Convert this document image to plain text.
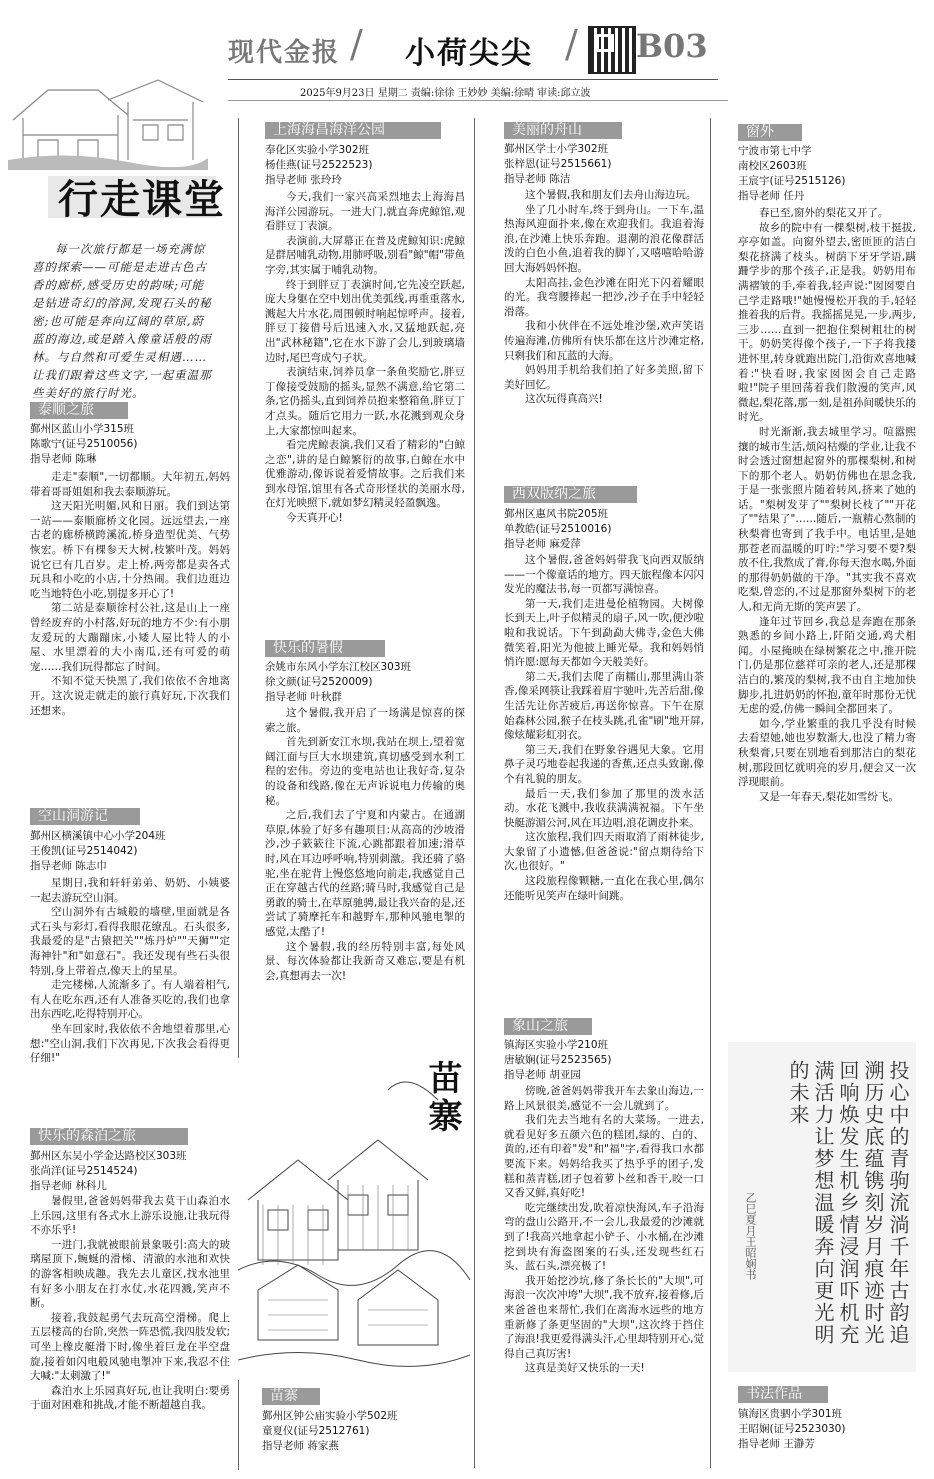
现代金报 / 小荷尖尖 / B03
2025年9月23日 星期二 责编:徐徐 王妙妙 美编:徐晴 审读:邱立波
行走课堂

每一次旅行都是一场充满惊喜的探索——可能是走进古色古香的廊桥,感受历史的韵味;可能是钻进奇幻的溶洞,发现石头的秘密;也可能是奔向辽阔的草原,蔚蓝的海边,或是踏入像童话般的雨林。与自然和可爱生灵相遇……让我们跟着这些文字,一起重温那些美好的旅行时光。

泰顺之旅
鄞州区蓝山小学315班
陈歌宁(证号2510056)
指导老师 陈琳

走走"泰顺",一切都顺。大年初五,妈妈带着哥哥姐姐和我去泰顺游玩。

这天阳光明媚,风和日丽。我们到达第一站——泰顺廊桥文化园。远远望去,一座古老的廊桥横跨溪流,桥身造型优美、气势恢宏。桥下有棵参天大树,枝繁叶茂。妈妈说它已有几百岁。走上桥,两旁都是卖各式玩具和小吃的小店,十分热闹。我们边逛边吃当地特色小吃,别提多开心了!

第二站是泰顺徐村公社,这是山上一座曾经废弃的小村落,好玩的地方不少:有小朋友爱玩的大蹦蹦床,小矮人屋比特人的小屋、水里漂着的大小南瓜,还有可爱的萌宠……我们玩得都忘了时间。

不知不觉天快黑了,我们依依不舍地离开。这次说走就走的旅行真好玩,下次我们还想来。

空山洞游记
鄞州区横溪镇中心小学204班
王俊凯(证号2514042)
指导老师 陈志巾

星期日,我和轩轩弟弟、奶奶、小姨婆一起去游玩空山洞。

空山洞外有古城般的墙壁,里面就是各式石头与彩灯,看得我眼花缭乱。石头很多,我最爱的是"古猿把关""炼丹炉""天狮""定海神针"和"如意石"。我还发现有些石头很特别,身上带着点,像天上的星星。

走完楼梯,人流渐多了。有人端着相气,有人在吃东西,还有人准备买吃的,我们也拿出东西吃,吃得特别开心。

坐车回家时,我依依不舍地望着那里,心想:"空山洞,我们下次再见,下次我会看得更仔细!"

快乐的森泊之旅
鄞州区东吴小学金达路校区303班
张尚洋(证号2514524)
指导老师 林科儿

暑假里,爸爸妈妈带我去莫干山森泊水上乐园,这里有各式水上游乐设施,让我玩得不亦乐乎!

一进门,我就被眼前景象吸引:高大的玻璃屋顶下,蜿蜒的滑梯、清澈的水池和欢快的游客相映成趣。我先去儿童区,找水池里有好多小朋友在打水仗,水花四溅,笑声不断。

接着,我鼓起勇气去玩高空滑梯。爬上五层楼高的台阶,突然一阵恐慌,我四肢发软;可坐上橡皮艇滑下时,像坐着巨龙在半空盘旋,接着如闪电般风驰电掣冲下来,我忍不住大喊:"太刺激了!"

森泊水上乐园真好玩,也让我明白:要勇于面对困难和挑战,才能不断超越自我。

上海海昌海洋公园
奉化区实验小学302班
杨佳燕(证号2522523)
指导老师 张玲玲

今天,我们一家兴高采烈地去上海海昌海洋公园游玩。一进大门,就直奔虎鲸馆,观看胖豆丁表演。

表演前,大屏幕正在普及虎鲸知识:虎鲸是群居哺乳动物,用肺呼吸,别看"鲸"帽"带鱼字旁,其实属于哺乳动物。

终于到胖豆丁表演时间,它先凌空跃起,庞大身躯在空中划出优美弧线,再重重落水,溅起大片水花,周围顿时响起惊呼声。接着,胖豆丁接借号后迅速入水,又猛地跃起,亮出"武林秘籍",它在水下游了会儿,到玻璃墙边时,尾巴弯成勺子状。

表演结束,饲养员拿一条鱼奖励它,胖豆丁像接受鼓励的摇头,显然不满意,给它第二条,它仍摇头,直到饲养员抱来整箱鱼,胖豆丁才点头。随后它用力一跃,水花溅到观众身上,大家都惊叫起来。

看完虎鲸表演,我们又看了精彩的"白鲸之恋",讲的是白鲸繁衍的故事,白鲸在水中优雅游动,像诉说着爱情故事。之后我们来到水母馆,馆里有各式奇形怪状的美丽水母,在灯光映照下,就如梦幻精灵轻盈飘逸。

今天真开心!

快乐的暑假
余姚市东风小学东江校区303班
徐文颜(证号2520009)
指导老师 叶秋群

这个暑假,我开启了一场满是惊喜的探索之旅。

首先到新安江水坝,我站在坝上,望着宽阔江面与巨大水坝建筑,真切感受到水利工程的宏伟。旁边的变电站也让我好奇,复杂的设备和线路,像在无声诉说电力传输的奥秘。

之后,我们去了宁夏和内蒙古。在通湖草原,体验了好多有趣项目:从高高的沙坡滑沙,沙子簌簌往下流,心跳都跟着加速;滑草时,风在耳边呼呼响,特别刺激。我还骑了骆驼,坐在驼背上慢悠悠地向前走,我感觉自己正在穿越古代的丝路;骑马时,我感觉自己是勇敢的骑士,在草原驰骋,最让我兴奋的是,还尝试了骑摩托车和越野车,那种风驰电掣的感觉,太酷了!

这个暑假,我的经历特别丰富,每处风景、每次体验都让我新奇又难忘,要是有机会,真想再去一次!

苗寨
苗寨
鄞州区钟公庙实验小学502班
童夏仪(证号2512761)
指导老师 蒋家燕
美丽的舟山
鄞州区学士小学302班
张梓恩(证号2515661)
指导老师 陈洁

这个暑假,我和朋友们去舟山海边玩。

坐了几小时车,终于到舟山。一下车,温热海风迎面扑来,像在欢迎我们。我追着海浪,在沙滩上快乐奔跑。退潮的浪花像群活泼的白色小鱼,追着我的脚丫,又嘻嘻哈哈游回大海妈妈怀抱。

太阳高挂,金色沙滩在阳光下闪着耀眼的光。我弯腰捧起一把沙,沙子在手中轻轻滑落。

我和小伙伴在不远处堆沙堡,欢声笑语传遍海滩,仿佛所有快乐都在这片沙滩定格,只剩我们和瓦蓝的大海。

妈妈用手机给我们拍了好多美照,留下美好回忆。

这次玩得真高兴!

西双版纳之旅
鄞州区惠风书院205班
单教皓(证号2510016)
指导老师 麻爱萍

这个暑假,爸爸妈妈带我飞向西双版纳——一个像童话的地方。四天旅程像本闪闪发光的魔法书,每一页都写满惊喜。

第一天,我们走进曼伦植物园。大树像长到天上,叶子似精灵的扇子,风一吹,便沙啦啦和我说话。下午到勐勐大佛寺,金色大佛微笑着,阳光为他披上睡光晕。我和妈妈悄悄许愿:愿每天都如今天般美好。

第二天,我们去爬了南糯山,那里满山茶香,像采网筷让我踩着眉宇驰叶,先苦后甜,像生活先让你苦疲后,再送你惊喜。下午在原始森林公园,猴子在枝头跳,孔雀"刷"地开屏,像炫耀彩虹羽衣。

第三天,我们在野象谷遇见大象。它用鼻子灵巧地卷起我递的香蕉,还点头致谢,像个有礼貌的朋友。

最后一天,我们参加了那里的泼水活动。水花飞溅中,我收获满满祝福。下午坐快艇游湄公河,风在耳边唱,浪花调皮扑来。

这次旅程,我们四天雨取消了雨林徒步,大象留了小遗憾,但爸爸说:"留点期待给下次,也很好。"

这段旅程像颗糖,一直化在我心里,偶尔还能听见笑声在绿叶间跳。

象山之旅
镇海区实验小学210班
唐敏娴(证号2523565)
指导老师 胡亚园

傍晚,爸爸妈妈带我开车去象山海边,一路上风景很美,感觉不一会儿就到了。

我们先去当地有名的大菜场。一进去,就看见好多五颜六色的糕团,绿的、白的、黄的,还有印着"发"和"福"字,看得我口水都要流下来。妈妈给我买了热乎乎的团子,发糕和蒸青糕,团子包着萝卜丝和香干,咬一口又香又鲜,真好吃!

吃完继续出发,吹着凉快海风,车子沿海弯的盘山公路开,不一会儿,我最爱的沙滩就到了!我高兴地拿起小铲子、小水桶,在沙滩挖到块有海盗图案的石头,还发现些红石头、蓝石头,漂亮极了!

我开始挖沙坑,修了条长长的"大坝",可海浪一次次冲垮"大坝",我不放弃,接着修,后来爸爸也来帮忙,我们在离海水远些的地方重新修了条更坚固的"大坝",这次终于挡住了海浪!我更爱得满头汗,心里却特别开心,觉得自己真厉害!

这真是美好又快乐的一天!

窗外
宁波市第七中学
南校区2603班
王宸宇(证号2515126)
指导老师 任丹

春已至,窗外的梨花又开了。

故乡的院中有一棵梨树,枝干挺拔,亭亭如盖。向窗外望去,密匝匝的洁白梨花挤满了枝头。树荫下牙牙学语,蹒跚学步的那个孩子,正是我。奶奶用布满褶皱的手,牵着我,轻声说:"囡囡要自己学走路哦!"她慢慢松开我的手,轻轻推着我的后背。我摇摇晃晃,一步,两步,三步……直到一把抱住梨树粗壮的树干。奶奶笑得像个孩子,一下子将我搂进怀里,转身就跑出院门,沿街欢喜地喊着:"快看呀,我家囡囡会自己走路啦!"院子里回荡着我们散漫的笑声,风微起,梨花落,那一刻,是祖孙间暖快乐的时光。

时光渐渐,我去城里学习。喧嚣熙攘的城市生活,烦闷枯燥的学业,让我不时会透过窗想起窗外的那棵梨树,和树下的那个老人。奶奶仿佛也在思念我,于是一张张照片随着转风,挤来了她的话。"梨树发芽了""梨树长枝了""开花了""结果了"……随后,一瓶精心熬制的秋梨膏也寄到了我手中。电话里,是她那苍老而温暖的叮咛:"学习要不要?梨放不住,我熬成了膏,你每天泡水喝,外面的那得奶奶做的干净。"其实我不喜欢吃梨,曾恋的,不过是那窗外梨树下的老人,和无尚无斯的笑声罢了。

逢年过节回乡,我总是奔跑在那条熟悉的乡间小路上,阡陌交通,鸡犬相闻。小屋掩映在绿树繁花之中,推开院门,仍是那位慈祥可亲的老人,还是那棵洁白的,繁茂的梨树,我不由自主地加快脚步,扎进奶奶的怀抱,童年时那份无忧无虑的爱,仿佛一瞬间全都回来了。

如今,学业繁重的我几乎没有时候去看望她,她也岁数渐大,也没了精力寄秋梨膏,只要在别地看到那洁白的梨花树,那段回忆就明亮的岁月,便会又一次浮现眼前。

又是一年春天,梨花如雪纷飞。

投心中的青驹流淌千年古韵追溯历史底蕴镌刻岁月痕迹时光回响焕发生机乡情浸润吓机充满活力让梦想温暖奔向更光明的未来
乙巳夏月王昭娴书
书法作品
镇海区贵驷小学301班
王昭娴(证号2523030)
指导老师 王瀞芳
